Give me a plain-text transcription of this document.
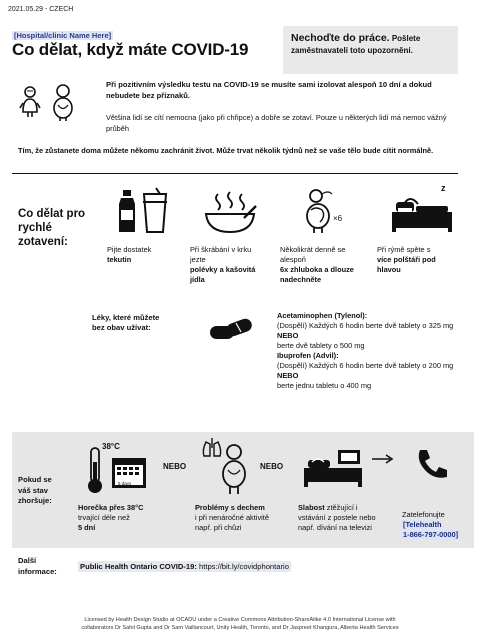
2021.05.29 - CZECH
[Hospital/clinic Name Here]
Co dělat, když máte COVID-19
Nechoďte do práce. Pošlete
zaměstnavateli toto upozornění.
Při pozitivním výsledku testu na COVID-19 se musíte sami izolovat alespoň 10 dní a dokud nebudete bez příznaků.
Většina lidí se cítí nemocna (jako při chřipce) a dobře se zotaví. Pouze u některých lidí má nemoc vážný průběh
Tím, že zůstanete doma můžete někomu zachránit život. Může trvat několik týdnů než se vaše tělo bude cítit normálně.
Co dělat pro rychlé zotavení:
×6
z
Pijte dostatek
tekutin
Při škrábání v krku jezte
polévky a kašovitá jídla
Několikrát denně se alespoň
6x zhluboka a dlouze nadechněte
Při rýmě spěte s
více polštáři pod hlavou
Léky, které můžete bez obav užívat:
Acetaminophen (Tylenol):
(Dospělí) Každých 6 hodin berte dvě tablety o 325 mg
NEBO
berte dvě tablety o 500 mg
Ibuprofen (Advil):
(Dospělí) Každých 6 hodin berte dvě tablety o 200 mg
NEBO
berte jednu tabletu o 400 mg
Pokud se váš stav zhoršuje:
38°C
5 days
NEBO	NEBO
Horečka přes 38°C
trvající déle než
5 dní
Problémy s dechem
i při nenáročné aktivitě např. při chůzi
Slabost ztěžující i vstávání z postele nebo např. dívání na televizi
Zatelefonujte
[Telehealth
1-866-797-0000]
Další informace:	Public Health Ontario COVID-19: https://bit.ly/covidphontario
Licensed by Health Design Studio at OCADU under a Creative Commons Attribution-ShareAlike 4.0 International License with
collaborators Dr Sahil Gupta and Dr Sam Vaillancourt, Unity Health, Toronto, and Dr Jaspreet Khangura, Alberta Health Services
